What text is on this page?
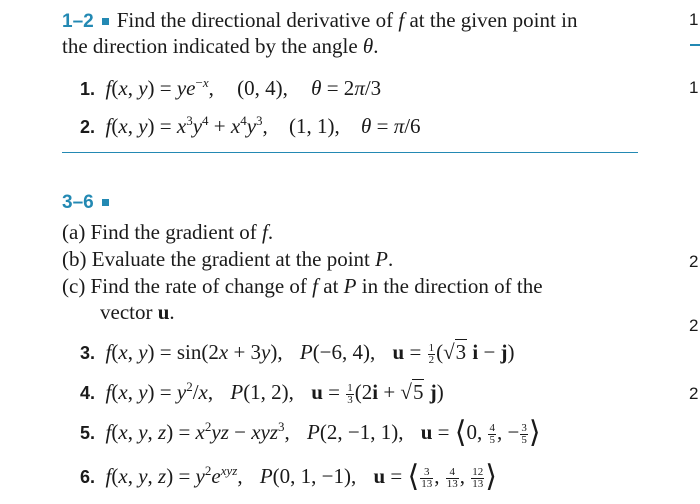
1–2 Find the directional derivative of f at the given point in
the direction indicated by the angle θ.
1. f(x, $y) = ye^{-x}$, (0, 4), θ = 2π/3
2. f(x, $y) = x^3y^4 + x^4y^3$, (1, 1), θ = π/6
3–6
(a) Find the gradient of f.
(b) Evaluate the gradient at the point P.
(c) Find the rate of change of f at P in the direction of the
vector u.
3. f(x, y) = sin(2x + 3y), P(−6, 4), $u = \frac{1}{2} (√3$ i − j)
4. f(x, $y) = y^2/x$, P(1, 2), $u = \frac{1}{3} (2i + √5$ j)
5. f(x, y, $z) = x^2yz - xyz^3$, P(2, −1, 1), u = ⟨0, $\frac{4}{5}$ , − $\frac{3}{5}$ ⟩
6. f(x, y, $z) = y^2e^{xyz}$, P(0, 1, −1), u = ⟨ $\frac{3}{13}$ , $\frac{4}{13}$ , $\frac{12}{13}$ ⟩
1
1
2
2
2
